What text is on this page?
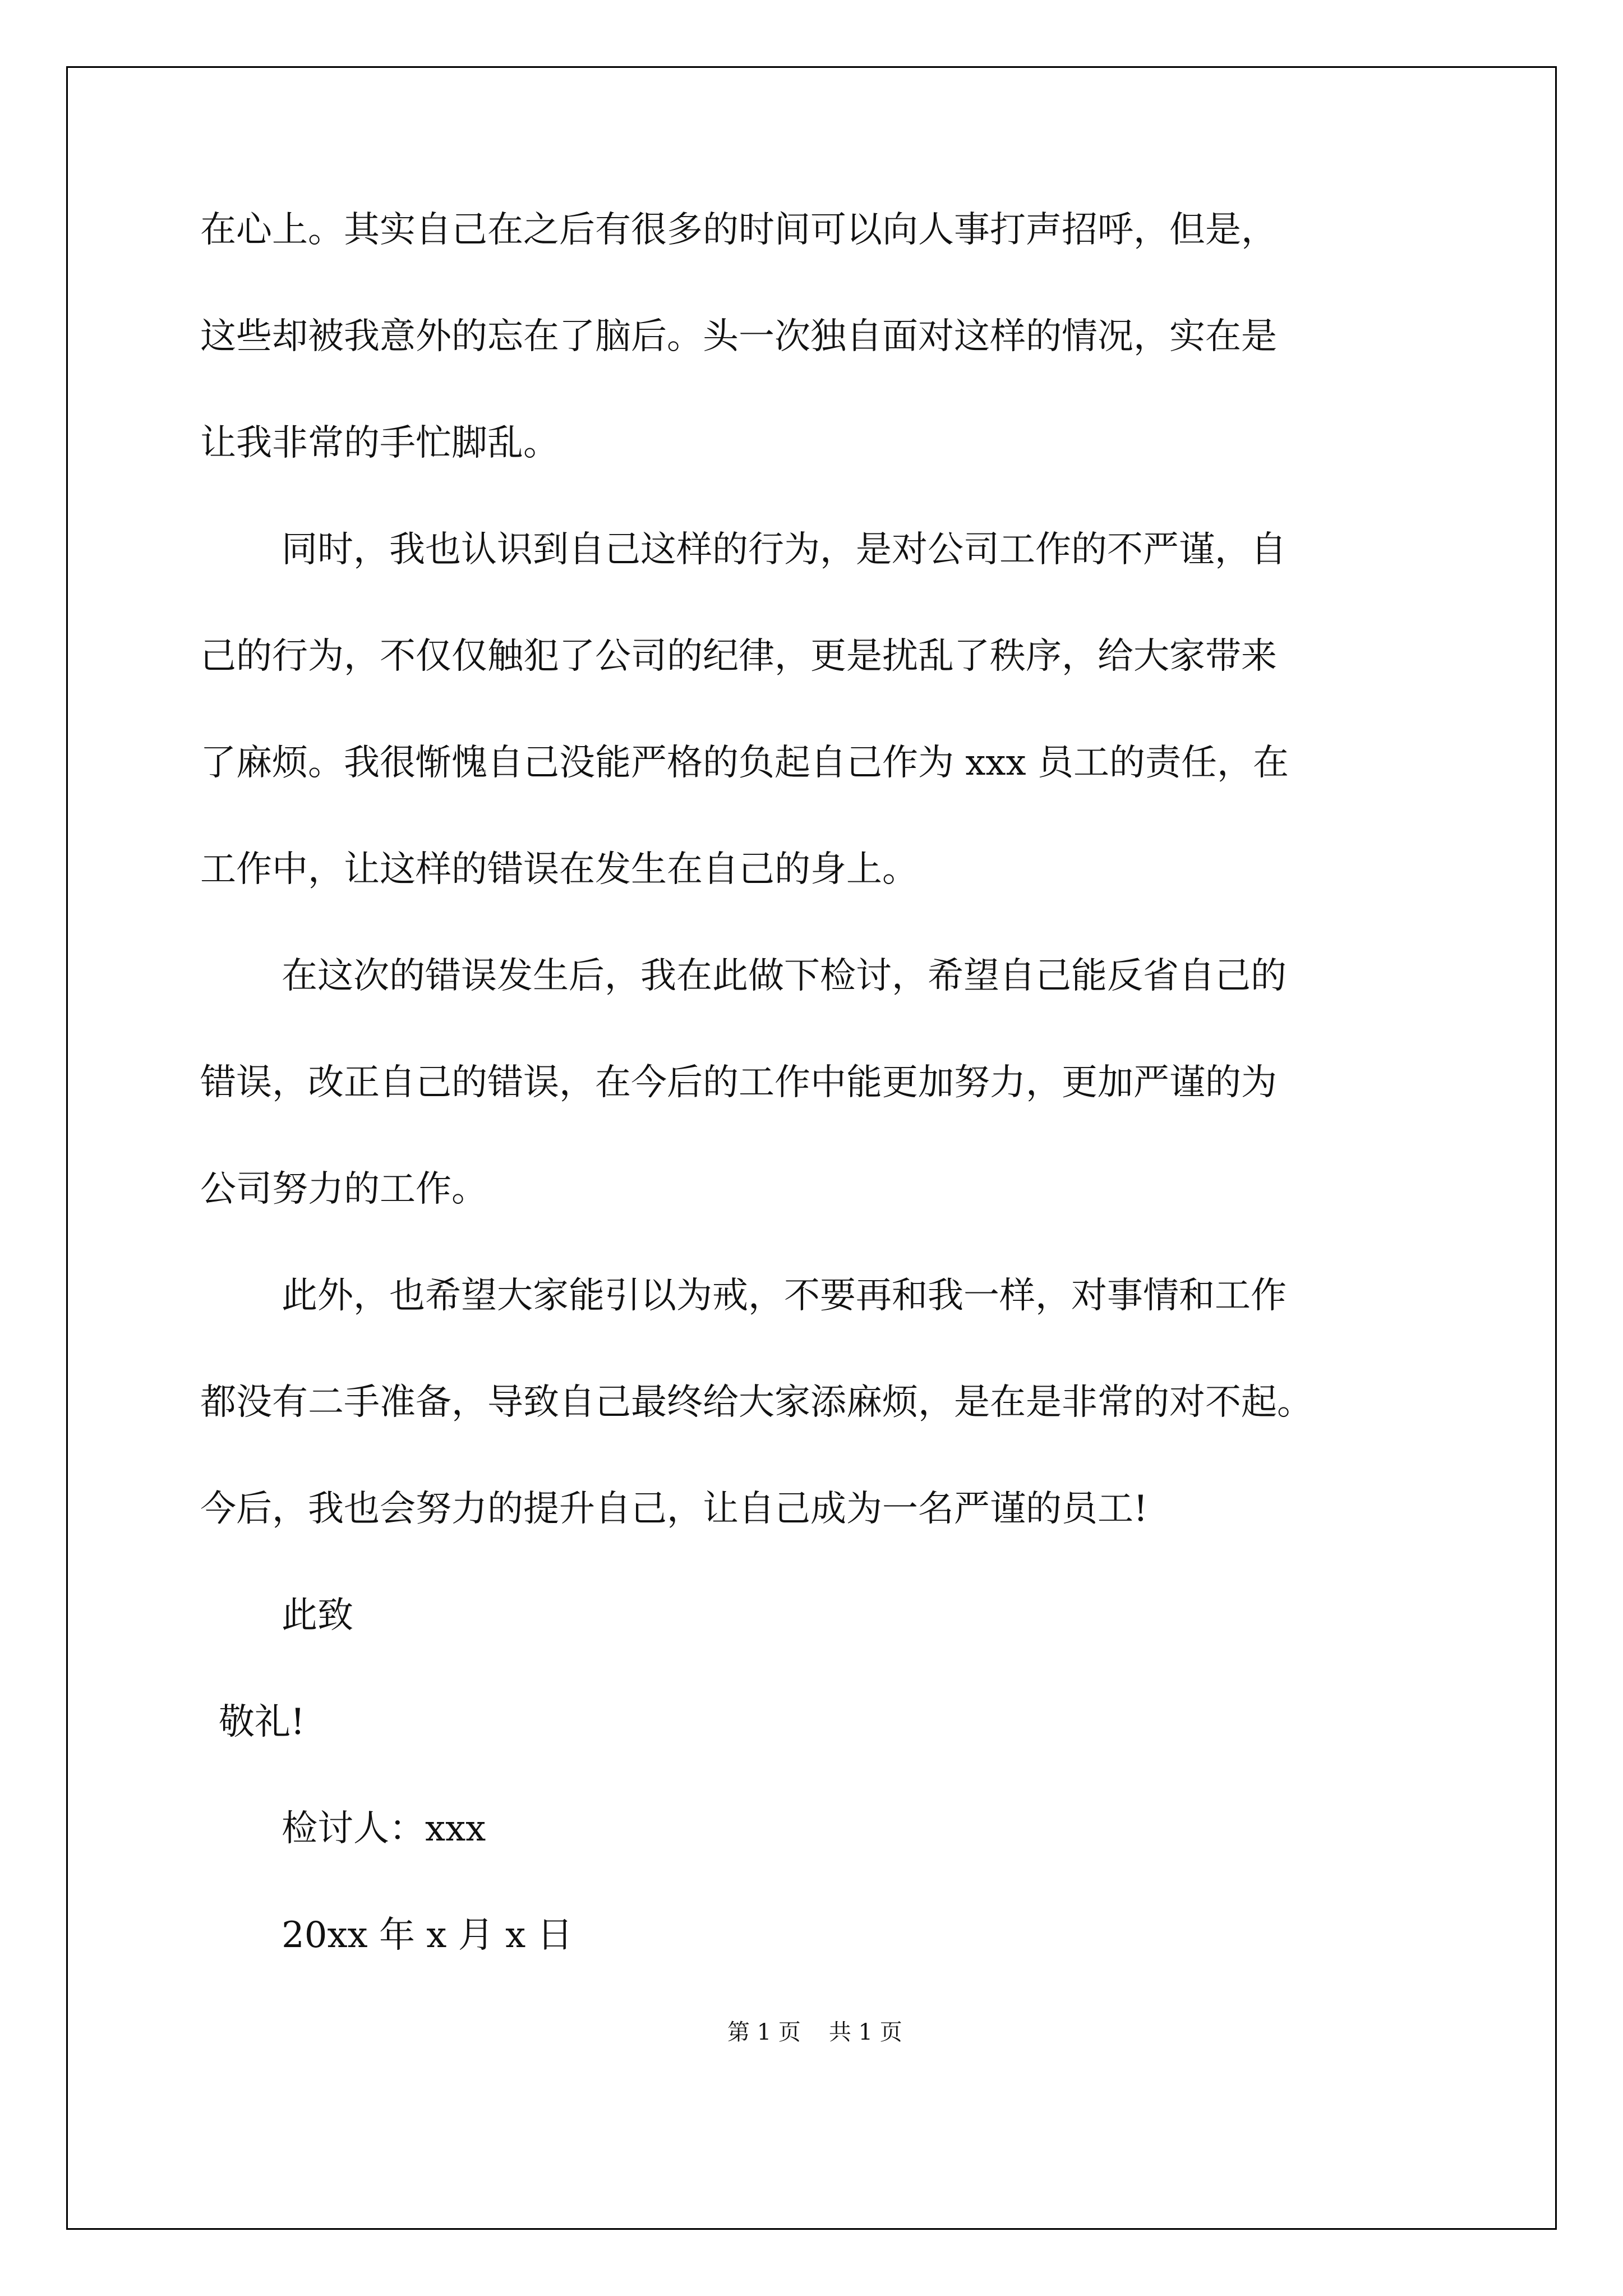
在心上。其实自己在之后有很多的时间可以向人事打声招呼，但是，
这些却被我意外的忘在了脑后。头一次独自面对这样的情况，实在是
让我非常的手忙脚乱。
同时，我也认识到自己这样的行为，是对公司工作的不严谨，自
己的行为，不仅仅触犯了公司的纪律，更是扰乱了秩序，给大家带来
了麻烦。我很惭愧自己没能严格的负起自己作为 xxx 员工的责任，在
工作中，让这样的错误在发生在自己的身上。
在这次的错误发生后，我在此做下检讨，希望自己能反省自己的
错误，改正自己的错误，在今后的工作中能更加努力，更加严谨的为
公司努力的工作。
此外，也希望大家能引以为戒，不要再和我一样，对事情和工作
都没有二手准备，导致自己最终给大家添麻烦，是在是非常的对不起。
今后，我也会努力的提升自己，让自己成为一名严谨的员工!
此致
敬礼!
检讨人：xxx
20xx 年 x 月 x 日
第 1 页 共 1 页
